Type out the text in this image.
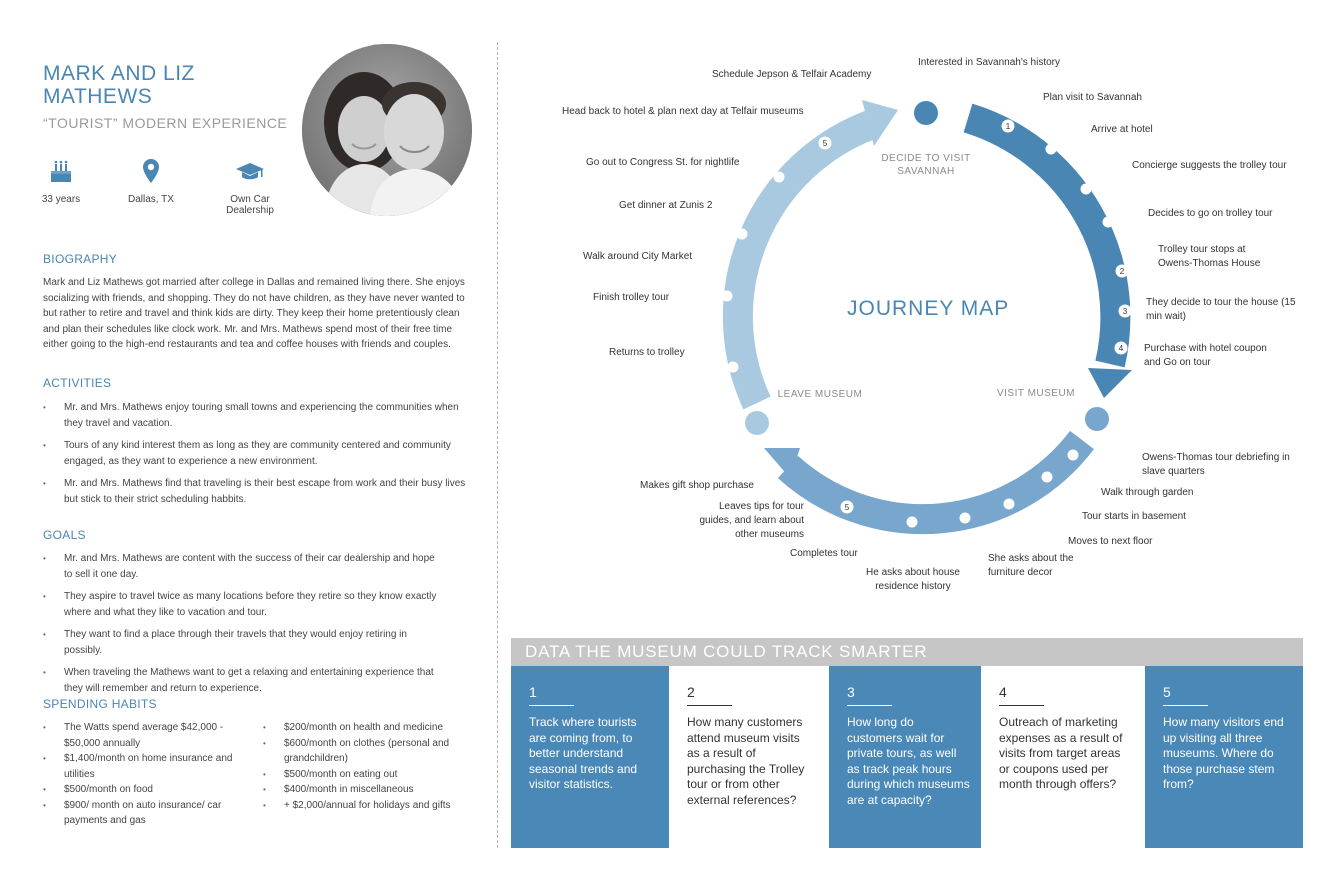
MARK AND LIZ MATHEWS
“TOURIST” MODERN EXPERIENCE
33 years	Dallas, TX	Own Car Dealership
BIOGRAPHY
Mark and Liz Mathews got married after college in Dallas and remained living there. She enjoys socializing with friends, and shopping. They do not have children, as they have never wanted to but rather to retire and travel and think kids are dirty. They keep their home pretentiously clean and plan their schedules like clock work. Mr. and Mrs. Mathews spend most of their free time either going to the high-end restaurants and tea and coffee houses with friends and couples.
ACTIVITIES
• Mr. and Mrs. Mathews enjoy touring small towns and experiencing the communities when they travel and vacation.
• Tours of any kind interest them as long as they are community centered and community engaged, as they want to experience a new environment.
• Mr. and Mrs. Mathews find that traveling is their best escape from work and their busy lives but stick to their strict scheduling habbits.
GOALS
• Mr. and Mrs. Mathews are content with the success of their car dealership and hope to sell it one day.
• They aspire to travel twice as many locations before they retire so they know exactly where and what they like to vacation and tour.
• They want to find a place through their travels that they would enjoy retiring in possibly.
• When traveling the Mathews want to get a relaxing and entertaining experience that they will remember and return to experience.
SPENDING HABITS
• The Watts spend average $42,000 - $50,000 annually
• $1,400/month on home insurance and utilities
• $500/month on food
• $900/ month on auto insurance/ car payments and gas
• $200/month on health and medicine
• $600/month on clothes (personal and grandchildren)
• $500/month on eating out
• $400/month in miscellaneous
• + $2,000/annual for holidays and gifts
1
2
3
4
5
5
JOURNEY MAP
DECIDE TO VISIT SAVANNAH
VISIT MUSEUM
LEAVE MUSEUM
Interested in Savannah's history
Plan visit to Savannah
Arrive at hotel
Concierge suggests the trolley tour
Decides to go on trolley tour
Trolley tour stops at Owens-Thomas House
They decide to tour the house (15 min wait)
Purchase with hotel coupon and Go on tour
Owens-Thomas tour debriefing in slave quarters
Walk through garden
Tour starts in basement
Moves to next floor
She asks about the furniture decor
He asks about house residence history
Completes tour
Leaves tips for tour guides, and learn about other museums
Makes gift shop purchase
Returns to trolley
Finish trolley tour
Walk around City Market
Get dinner at Zunis 2
Go out to Congress St. for nightlife
Head back to hotel & plan next day at Telfair museums
Schedule Jepson & Telfair Academy
DATA THE MUSEUM COULD TRACK SMARTER
1
Track where tourists are coming from, to better understand seasonal trends and visitor statistics.
2
How many customers attend museum visits as a result of purchasing the Trolley tour or from other external references?
3
How long do customers wait for private tours, as well as track peak hours during which museums are at capacity?
4
Outreach of marketing expenses as a result of visits from target areas or coupons used per month through offers?
5
How many visitors end up visiting all three museums. Where do those purchase stem from?
